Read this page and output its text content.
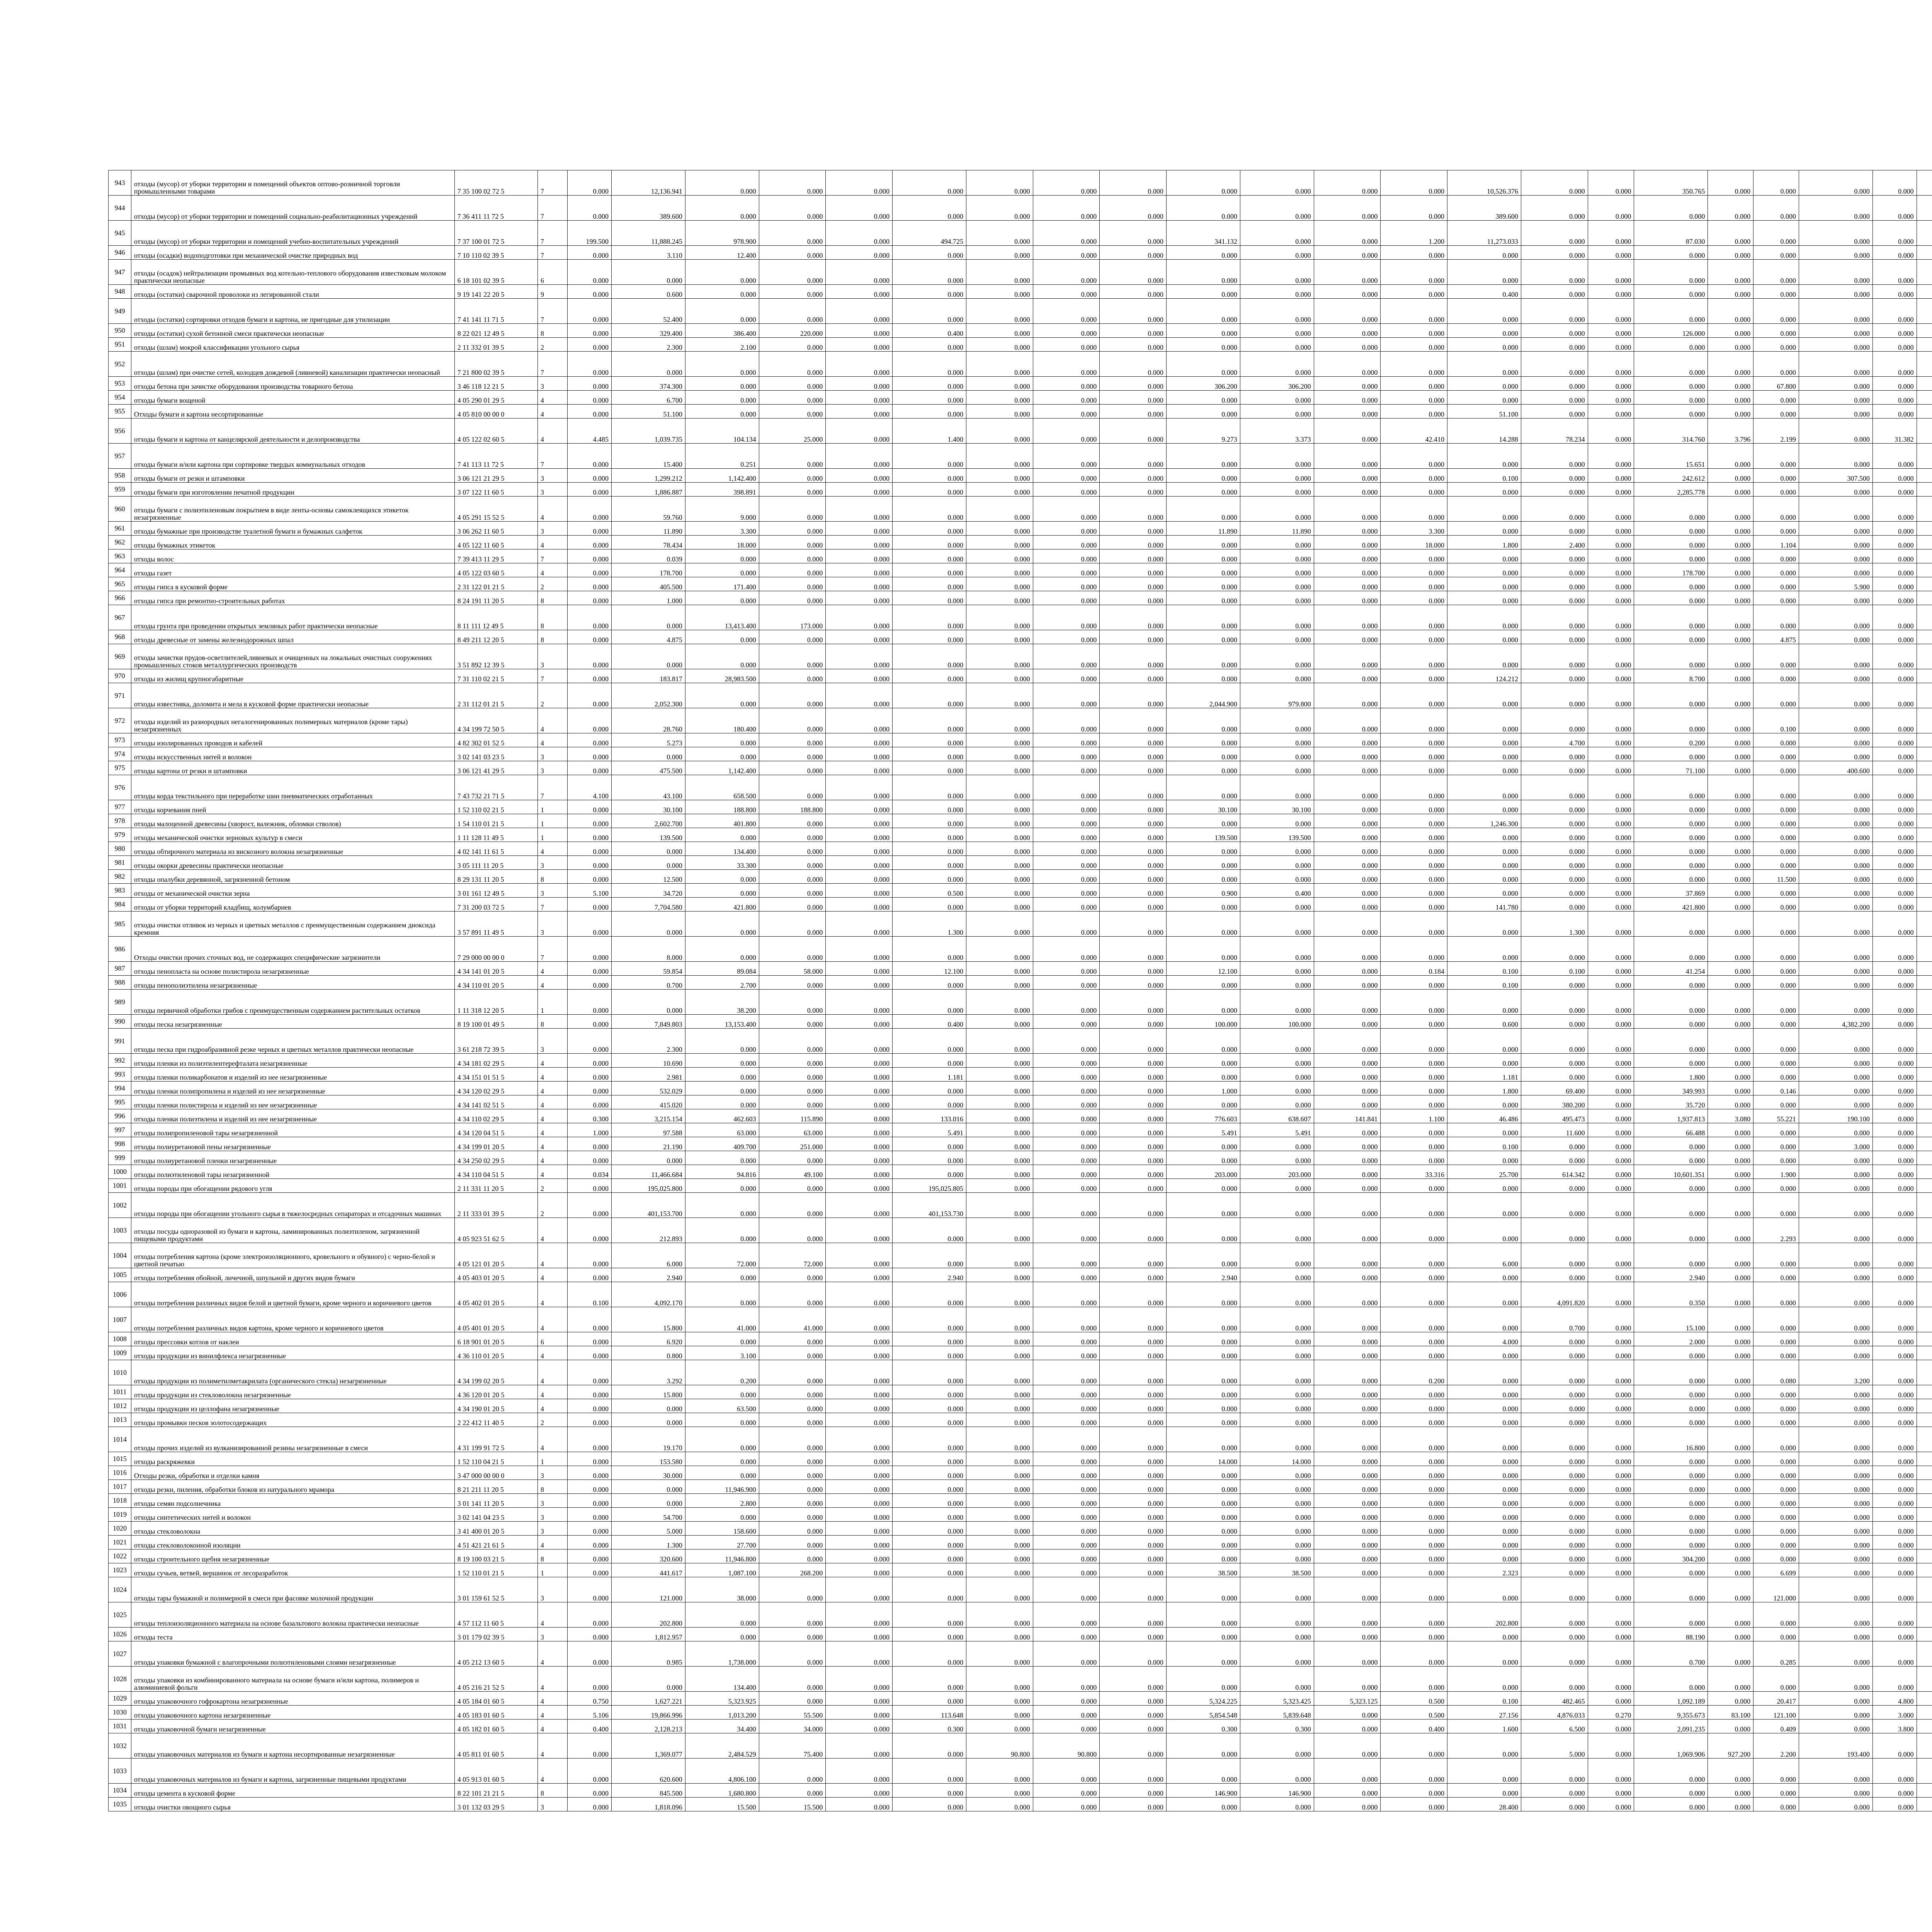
943	отходы (мусор) от уборки территории и помещений объектов оптово-розничной торговли промышленными товарами	7 35 100 02 72 5	7	0.000	12,136.941	0.000	0.000	0.000	0.000	0.000	0.000	0.000	0.000	0.000	0.000	0.000	10,526.376	0.000	0.000	350.765	0.000	0.000	0.000	0.000								
944	отходы (мусор) от уборки территории и помещений социально-реабилитационных учреждений	7 36 411 11 72 5	7	0.000	389.600	0.000	0.000	0.000	0.000	0.000	0.000	0.000	0.000	0.000	0.000	0.000	389.600	0.000	0.000	0.000	0.000	0.000	0.000	0.000								
945	отходы (мусор) от уборки территории и помещений учебно-воспитательных учреждений	7 37 100 01 72 5	7	199.500	11,888.245	978.900	0.000	0.000	494.725	0.000	0.000	0.000	341.132	0.000	0.000	1.200	11,273.033	0.000	0.000	87.030	0.000	0.000	0.000	0.000								
946	отходы (осадки) водоподготовки при механической очистке природных вод	7 10 110 02 39 5	7	0.000	3.110	12.400	0.000	0.000	0.000	0.000	0.000	0.000	0.000	0.000	0.000	0.000	0.000	0.000	0.000	0.000	0.000	0.000	0.000	0.000								
947	отходы (осадок) нейтрализации промывных вод котельно-теплового оборудования известковым молоком практически неопасные	6 18 101 02 39 5	6	0.000	0.000	0.000	0.000	0.000	0.000	0.000	0.000	0.000	0.000	0.000	0.000	0.000	0.000	0.000	0.000	0.000	0.000	0.000	0.000	0.000								
948	отходы (остатки) сварочной проволоки из легированной стали	9 19 141 22 20 5	9	0.000	0.600	0.000	0.000	0.000	0.000	0.000	0.000	0.000	0.000	0.000	0.000	0.000	0.400	0.000	0.000	0.000	0.000	0.000	0.000	0.000								
949	отходы (остатки) сортировки отходов бумаги и картона, не пригодные для утилизации	7 41 141 11 71 5	7	0.000	52.400	0.000	0.000	0.000	0.000	0.000	0.000	0.000	0.000	0.000	0.000	0.000	0.000	0.000	0.000	0.000	0.000	0.000	0.000	0.000								
950	отходы (остатки) сухой бетонной смеси практически неопасные	8 22 021 12 49 5	8	0.000	329.400	386.400	220.000	0.000	0.400	0.000	0.000	0.000	0.000	0.000	0.000	0.000	0.000	0.000	0.000	126.000	0.000	0.000	0.000	0.000								
951	отходы (шлам) мокрой классификации угольного сырья	2 11 332 01 39 5	2	0.000	2.300	2.100	0.000	0.000	0.000	0.000	0.000	0.000	0.000	0.000	0.000	0.000	0.000	0.000	0.000	0.000	0.000	0.000	0.000	0.000								
952	отходы (шлам) при очистке сетей, колодцев дождевой (ливневой) канализации практически неопасный	7 21 800 02 39 5	7	0.000	0.000	0.000	0.000	0.000	0.000	0.000	0.000	0.000	0.000	0.000	0.000	0.000	0.000	0.000	0.000	0.000	0.000	0.000	0.000	0.000								
953	отходы бетона при зачистке оборудования производства товарного бетона	3 46 118 12 21 5	3	0.000	374.300	0.000	0.000	0.000	0.000	0.000	0.000	0.000	306.200	306.200	0.000	0.000	0.000	0.000	0.000	0.000	0.000	67.800	0.000	0.000								
954	отходы бумаги вощеной	4 05 290 01 29 5	4	0.000	6.700	0.000	0.000	0.000	0.000	0.000	0.000	0.000	0.000	0.000	0.000	0.000	0.000	0.000	0.000	0.000	0.000	0.000	0.000	0.000								
955	Отходы бумаги и картона несортированные	4 05 810 00 00 0	4	0.000	51.100	0.000	0.000	0.000	0.000	0.000	0.000	0.000	0.000	0.000	0.000	0.000	51.100	0.000	0.000	0.000	0.000	0.000	0.000	0.000								
956	отходы бумаги и картона от канцелярской деятельности и делопроизводства	4 05 122 02 60 5	4	4.485	1,039.735	104.134	25.000	0.000	1.400	0.000	0.000	0.000	9.273	3.373	0.000	42.410	14.288	78.234	0.000	314.760	3.796	2.199	0.000	31.382								
957	отходы бумаги и/или картона при сортировке твердых коммунальных отходов	7 41 113 11 72 5	7	0.000	15.400	0.251	0.000	0.000	0.000	0.000	0.000	0.000	0.000	0.000	0.000	0.000	0.000	0.000	0.000	15.651	0.000	0.000	0.000	0.000								
958	отходы бумаги от резки и штамповки	3 06 121 21 29 5	3	0.000	1,299.212	1,142.400	0.000	0.000	0.000	0.000	0.000	0.000	0.000	0.000	0.000	0.000	0.100	0.000	0.000	242.612	0.000	0.000	307.500	0.000								
959	отходы бумаги при изготовлении печатной продукции	3 07 122 11 60 5	3	0.000	1,886.887	398.891	0.000	0.000	0.000	0.000	0.000	0.000	0.000	0.000	0.000	0.000	0.000	0.000	0.000	2,285.778	0.000	0.000	0.000	0.000								
960	отходы бумаги с полиэтиленовым покрытием в виде ленты-основы самоклеящихся этикеток незагрязненные	4 05 291 15 52 5	4	0.000	59.760	9.000	0.000	0.000	0.000	0.000	0.000	0.000	0.000	0.000	0.000	0.000	0.000	0.000	0.000	0.000	0.000	0.000	0.000	0.000								
961	отходы бумажные при производстве туалетной бумаги и бумажных салфеток	3 06 262 11 60 5	3	0.000	11.890	3.300	0.000	0.000	0.000	0.000	0.000	0.000	11.890	11.890	0.000	3.300	0.000	0.000	0.000	0.000	0.000	0.000	0.000	0.000								
962	отходы бумажных этикеток	4 05 122 11 60 5	4	0.000	78.434	18.000	0.000	0.000	0.000	0.000	0.000	0.000	0.000	0.000	0.000	18.000	1.800	2.400	0.000	0.000	0.000	1.104	0.000	0.000								
963	отходы волос	7 39 413 11 29 5	7	0.000	0.039	0.000	0.000	0.000	0.000	0.000	0.000	0.000	0.000	0.000	0.000	0.000	0.000	0.000	0.000	0.000	0.000	0.000	0.000	0.000								
964	отходы газет	4 05 122 03 60 5	4	0.000	178.700	0.000	0.000	0.000	0.000	0.000	0.000	0.000	0.000	0.000	0.000	0.000	0.000	0.000	0.000	178.700	0.000	0.000	0.000	0.000								
965	отходы гипса в кусковой форме	2 31 122 01 21 5	2	0.000	405.500	171.400	0.000	0.000	0.000	0.000	0.000	0.000	0.000	0.000	0.000	0.000	0.000	0.000	0.000	0.000	0.000	0.000	5.900	0.000								
966	отходы гипса при ремонтно-строительных работах	8 24 191 11 20 5	8	0.000	1.000	0.000	0.000	0.000	0.000	0.000	0.000	0.000	0.000	0.000	0.000	0.000	0.000	0.000	0.000	0.000	0.000	0.000	0.000	0.000								
967	отходы грунта при проведении открытых земляных работ практически неопасные	8 11 111 12 49 5	8	0.000	0.000	13,413.400	173.000	0.000	0.000	0.000	0.000	0.000	0.000	0.000	0.000	0.000	0.000	0.000	0.000	0.000	0.000	0.000	0.000	0.000								
968	отходы древесные от замены железнодорожных шпал	8 49 211 12 20 5	8	0.000	4.875	0.000	0.000	0.000	0.000	0.000	0.000	0.000	0.000	0.000	0.000	0.000	0.000	0.000	0.000	0.000	0.000	4.875	0.000	0.000								
969	отходы зачистки прудов-осветлителей,ливневых и очищенных на локальных очистных сооружениях промышленных стоков металлургических производств	3 51 892 12 39 5	3	0.000	0.000	0.000	0.000	0.000	0.000	0.000	0.000	0.000	0.000	0.000	0.000	0.000	0.000	0.000	0.000	0.000	0.000	0.000	0.000	0.000								
970	отходы из жилищ крупногабаритные	7 31 110 02 21 5	7	0.000	183.817	28,983.500	0.000	0.000	0.000	0.000	0.000	0.000	0.000	0.000	0.000	0.000	124.212	0.000	0.000	8.700	0.000	0.000	0.000	0.000								
971	отходы известняка, доломита и мела в кусковой форме практически неопасные	2 31 112 01 21 5	2	0.000	2,052.300	0.000	0.000	0.000	0.000	0.000	0.000	0.000	2,044.900	979.800	0.000	0.000	0.000	0.000	0.000	0.000	0.000	0.000	0.000	0.000								
972	отходы изделий из разнородных негалогенированных полимерных материалов (кроме тары) незагрязненных	4 34 199 72 50 5	4	0.000	28.760	180.400	0.000	0.000	0.000	0.000	0.000	0.000	0.000	0.000	0.000	0.000	0.000	0.000	0.000	0.000	0.000	0.100	0.000	0.000								
973	отходы изолированных проводов и кабелей	4 82 302 01 52 5	4	0.000	5.273	0.000	0.000	0.000	0.000	0.000	0.000	0.000	0.000	0.000	0.000	0.000	0.000	4.700	0.000	0.200	0.000	0.000	0.000	0.000								
974	отходы искусственных нитей и волокон	3 02 141 03 23 5	3	0.000	0.000	0.000	0.000	0.000	0.000	0.000	0.000	0.000	0.000	0.000	0.000	0.000	0.000	0.000	0.000	0.000	0.000	0.000	0.000	0.000								
975	отходы картона от резки и штамповки	3 06 121 41 29 5	3	0.000	475.500	1,142.400	0.000	0.000	0.000	0.000	0.000	0.000	0.000	0.000	0.000	0.000	0.000	0.000	0.000	71.100	0.000	0.000	400.600	0.000								
976	отходы корда текстильного при переработке шин пневматических отработанных	7 43 732 21 71 5	7	4.100	43.100	658.500	0.000	0.000	0.000	0.000	0.000	0.000	0.000	0.000	0.000	0.000	0.000	0.000	0.000	0.000	0.000	0.000	0.000	0.000								
977	отходы корчевания пней	1 52 110 02 21 5	1	0.000	30.100	188.800	188.800	0.000	0.000	0.000	0.000	0.000	30.100	30.100	0.000	0.000	0.000	0.000	0.000	0.000	0.000	0.000	0.000	0.000								
978	отходы малоценной древесины (хворост, валежник, обломки стволов)	1 54 110 01 21 5	1	0.000	2,602.700	401.800	0.000	0.000	0.000	0.000	0.000	0.000	0.000	0.000	0.000	0.000	1,246.300	0.000	0.000	0.000	0.000	0.000	0.000	0.000								
979	отходы механической очистки зерновых культур в смеси	1 11 128 11 49 5	1	0.000	139.500	0.000	0.000	0.000	0.000	0.000	0.000	0.000	139.500	139.500	0.000	0.000	0.000	0.000	0.000	0.000	0.000	0.000	0.000	0.000								
980	отходы обтирочного материала из вискозного волокна незагрязненные	4 02 141 11 61 5	4	0.000	0.000	134.400	0.000	0.000	0.000	0.000	0.000	0.000	0.000	0.000	0.000	0.000	0.000	0.000	0.000	0.000	0.000	0.000	0.000	0.000								
981	отходы окорки древесины практически неопасные	3 05 111 11 20 5	3	0.000	0.000	33.300	0.000	0.000	0.000	0.000	0.000	0.000	0.000	0.000	0.000	0.000	0.000	0.000	0.000	0.000	0.000	0.000	0.000	0.000								
982	отходы опалубки деревянной, загрязненной бетоном	8 29 131 11 20 5	8	0.000	12.500	0.000	0.000	0.000	0.000	0.000	0.000	0.000	0.000	0.000	0.000	0.000	0.000	0.000	0.000	0.000	0.000	11.500	0.000	0.000								
983	отходы от механической очистки зерна	3 01 161 12 49 5	3	5.100	34.720	0.000	0.000	0.000	0.500	0.000	0.000	0.000	0.900	0.400	0.000	0.000	0.000	0.000	0.000	37.869	0.000	0.000	0.000	0.000								
984	отходы от уборки территорий кладбищ, колумбариев	7 31 200 03 72 5	7	0.000	7,704.580	421.800	0.000	0.000	0.000	0.000	0.000	0.000	0.000	0.000	0.000	0.000	141.780	0.000	0.000	421.800	0.000	0.000	0.000	0.000								
985	отходы очистки отливок из черных и цветных металлов с преимущественным содержанием диоксида кремния	3 57 891 11 49 5	3	0.000	0.000	0.000	0.000	0.000	1.300	0.000	0.000	0.000	0.000	0.000	0.000	0.000	0.000	1.300	0.000	0.000	0.000	0.000	0.000	0.000								
986	Отходы очистки прочих сточных вод, не содержащих специфические загрязнители	7 29 000 00 00 0	7	0.000	8.000	0.000	0.000	0.000	0.000	0.000	0.000	0.000	0.000	0.000	0.000	0.000	0.000	0.000	0.000	0.000	0.000	0.000	0.000	0.000								
987	отходы пенопласта на основе полистирола незагрязненные	4 34 141 01 20 5	4	0.000	59.854	89.084	58.000	0.000	12.100	0.000	0.000	0.000	12.100	0.000	0.000	0.184	0.100	0.100	0.000	41.254	0.000	0.000	0.000	0.000								
988	отходы пенополиэтилена незагрязненные	4 34 110 01 20 5	4	0.000	0.700	2.700	0.000	0.000	0.000	0.000	0.000	0.000	0.000	0.000	0.000	0.000	0.100	0.000	0.000	0.000	0.000	0.000	0.000	0.000								
989	отходы первичной обработки грибов с преимущественным содержанием растительных остатков	1 11 318 12 20 5	1	0.000	0.000	38.200	0.000	0.000	0.000	0.000	0.000	0.000	0.000	0.000	0.000	0.000	0.000	0.000	0.000	0.000	0.000	0.000	0.000	0.000								
990	отходы песка незагрязненные	8 19 100 01 49 5	8	0.000	7,849.803	13,153.400	0.000	0.000	0.400	0.000	0.000	0.000	100.000	100.000	0.000	0.000	0.600	0.000	0.000	0.000	0.000	0.000	4,382.200	0.000								
991	отходы песка при гидроабразивной резке черных и цветных металлов практически неопасные	3 61 218 72 39 5	3	0.000	2.300	0.000	0.000	0.000	0.000	0.000	0.000	0.000	0.000	0.000	0.000	0.000	0.000	0.000	0.000	0.000	0.000	0.000	0.000	0.000								
992	отходы пленки из полиэтилентерефталата незагрязненные	4 34 181 02 29 5	4	0.000	10.690	0.000	0.000	0.000	0.000	0.000	0.000	0.000	0.000	0.000	0.000	0.000	0.000	0.000	0.000	0.000	0.000	0.000	0.000	0.000								
993	отходы пленки поликарбонатов и изделий из нее незагрязненные	4 34 151 01 51 5	4	0.000	2.981	0.000	0.000	0.000	1.181	0.000	0.000	0.000	0.000	0.000	0.000	0.000	1.181	0.000	0.000	1.800	0.000	0.000	0.000	0.000								
994	отходы пленки полипропилена и изделий из нее незагрязненные	4 34 120 02 29 5	4	0.000	532.029	0.000	0.000	0.000	0.000	0.000	0.000	0.000	1.000	0.000	0.000	0.000	1.800	69.400	0.000	349.993	0.000	0.146	0.000	0.000								
995	отходы пленки полистирола и изделий из нее незагрязненные	4 34 141 02 51 5	4	0.000	415.020	0.000	0.000	0.000	0.000	0.000	0.000	0.000	0.000	0.000	0.000	0.000	0.000	380.200	0.000	35.720	0.000	0.000	0.000	0.000								
996	отходы пленки полиэтилена и изделий из нее незагрязненные	4 34 110 02 29 5	4	0.300	3,215.154	462.603	115.890	0.000	133.016	0.000	0.000	0.000	776.603	638.607	141.841	1.100	46.486	495.473	0.000	1,937.813	3.080	55.221	190.100	0.000								
997	отходы полипропиленовой тары незагрязненной	4 34 120 04 51 5	4	1.000	97.588	63.000	63.000	0.000	5.491	0.000	0.000	0.000	5.491	5.491	0.000	0.000	0.000	11.600	0.000	66.488	0.000	0.000	0.000	0.000								
998	отходы полиуретановой пены незагрязненные	4 34 199 01 20 5	4	0.000	21.190	409.700	251.000	0.000	0.000	0.000	0.000	0.000	0.000	0.000	0.000	0.000	0.100	0.000	0.000	0.000	0.000	0.000	3.000	0.000								
999	отходы полиуретановой пленки незагрязненные	4 34 250 02 29 5	4	0.000	0.000	0.000	0.000	0.000	0.000	0.000	0.000	0.000	0.000	0.000	0.000	0.000	0.000	0.000	0.000	0.000	0.000	0.000	0.000	0.000								
1000	отходы полиэтиленовой тары незагрязненной	4 34 110 04 51 5	4	0.034	11,466.684	94.816	49.100	0.000	0.000	0.000	0.000	0.000	203.000	203.000	0.000	33.316	25.700	614.342	0.000	10,601.351	0.000	1.900	0.000	0.000								
1001	отходы породы при обогащении рядового угля	2 11 331 11 20 5	2	0.000	195,025.800	0.000	0.000	0.000	195,025.805	0.000	0.000	0.000	0.000	0.000	0.000	0.000	0.000	0.000	0.000	0.000	0.000	0.000	0.000	0.000								
1002	отходы породы при обогащении угольного сырья в тяжелосредных сепараторах и отсадочных машинах	2 11 333 01 39 5	2	0.000	401,153.700	0.000	0.000	0.000	401,153.730	0.000	0.000	0.000	0.000	0.000	0.000	0.000	0.000	0.000	0.000	0.000	0.000	0.000	0.000	0.000								
1003	отходы посуды одноразовой из бумаги и картона, ламинированных полиэтиленом, загрязненной пищевыми продуктами	4 05 923 51 62 5	4	0.000	212.893	0.000	0.000	0.000	0.000	0.000	0.000	0.000	0.000	0.000	0.000	0.000	0.000	0.000	0.000	0.000	0.000	2.293	0.000	0.000								
1004	отходы потребления картона (кроме электроизоляционного, кровельного и обувного) с черно-белой и цветной печатью	4 05 121 01 20 5	4	0.000	6.000	72.000	72.000	0.000	0.000	0.000	0.000	0.000	0.000	0.000	0.000	0.000	6.000	0.000	0.000	0.000	0.000	0.000	0.000	0.000								
1005	отходы потребления обойной, личечной, шпульной и других видов бумаги	4 05 403 01 20 5	4	0.000	2.940	0.000	0.000	0.000	2.940	0.000	0.000	0.000	2.940	0.000	0.000	0.000	0.000	0.000	0.000	2.940	0.000	0.000	0.000	0.000								
1006	отходы потребления различных видов белой и цветной бумаги, кроме черного и коричневого цветов	4 05 402 01 20 5	4	0.100	4,092.170	0.000	0.000	0.000	0.000	0.000	0.000	0.000	0.000	0.000	0.000	0.000	0.000	4,091.820	0.000	0.350	0.000	0.000	0.000	0.000								
1007	отходы потребления различных видов картона, кроме черного и коричневого цветов	4 05 401 01 20 5	4	0.000	15.800	41.000	41.000	0.000	0.000	0.000	0.000	0.000	0.000	0.000	0.000	0.000	0.000	0.700	0.000	15.100	0.000	0.000	0.000	0.000								
1008	отходы прессовки котлов от наклеи	6 18 901 01 20 5	6	0.000	6.920	0.000	0.000	0.000	0.000	0.000	0.000	0.000	0.000	0.000	0.000	0.000	4.000	0.000	0.000	2.000	0.000	0.000	0.000	0.000								
1009	отходы продукции из винилфлекса незагрязненные	4 36 110 01 20 5	4	0.000	0.800	3.100	0.000	0.000	0.000	0.000	0.000	0.000	0.000	0.000	0.000	0.000	0.000	0.000	0.000	0.000	0.000	0.000	0.000	0.000								
1010	отходы продукции из полиметилметакрилата (органического стекла) незагрязненные	4 34 199 02 20 5	4	0.000	3.292	0.200	0.000	0.000	0.000	0.000	0.000	0.000	0.000	0.000	0.000	0.200	0.000	0.000	0.000	0.000	0.000	0.080	3.200	0.000								
1011	отходы продукции из стекловолокна незагрязненные	4 36 120 01 20 5	4	0.000	15.800	0.000	0.000	0.000	0.000	0.000	0.000	0.000	0.000	0.000	0.000	0.000	0.000	0.000	0.000	0.000	0.000	0.000	0.000	0.000								
1012	отходы продукции из целлофана незагрязненные	4 34 190 01 20 5	4	0.000	0.000	63.500	0.000	0.000	0.000	0.000	0.000	0.000	0.000	0.000	0.000	0.000	0.000	0.000	0.000	0.000	0.000	0.000	0.000	0.000								
1013	отходы промывки песков золотосодержащих	2 22 412 11 40 5	2	0.000	0.000	0.000	0.000	0.000	0.000	0.000	0.000	0.000	0.000	0.000	0.000	0.000	0.000	0.000	0.000	0.000	0.000	0.000	0.000	0.000								
1014	отходы прочих изделий из вулканизированной резины незагрязненные в смеси	4 31 199 91 72 5	4	0.000	19.170	0.000	0.000	0.000	0.000	0.000	0.000	0.000	0.000	0.000	0.000	0.000	0.000	0.000	0.000	16.800	0.000	0.000	0.000	0.000								
1015	отходы раскряжевки	1 52 110 04 21 5	1	0.000	153.580	0.000	0.000	0.000	0.000	0.000	0.000	0.000	14.000	14.000	0.000	0.000	0.000	0.000	0.000	0.000	0.000	0.000	0.000	0.000								
1016	Отходы резки, обработки и отделки камня	3 47 000 00 00 0	3	0.000	30.000	0.000	0.000	0.000	0.000	0.000	0.000	0.000	0.000	0.000	0.000	0.000	0.000	0.000	0.000	0.000	0.000	0.000	0.000	0.000								
1017	отходы резки, пиления, обработки блоков из натурального мрамора	8 21 211 11 20 5	8	0.000	0.000	11,946.900	0.000	0.000	0.000	0.000	0.000	0.000	0.000	0.000	0.000	0.000	0.000	0.000	0.000	0.000	0.000	0.000	0.000	0.000								
1018	отходы семян подсолнечника	3 01 141 11 20 5	3	0.000	0.000	2.800	0.000	0.000	0.000	0.000	0.000	0.000	0.000	0.000	0.000	0.000	0.000	0.000	0.000	0.000	0.000	0.000	0.000	0.000								
1019	отходы синтетических нитей и волокон	3 02 141 04 23 5	3	0.000	54.700	0.000	0.000	0.000	0.000	0.000	0.000	0.000	0.000	0.000	0.000	0.000	0.000	0.000	0.000	0.000	0.000	0.000	0.000	0.000								
1020	отходы стекловолокна	3 41 400 01 20 5	3	0.000	5.000	158.600	0.000	0.000	0.000	0.000	0.000	0.000	0.000	0.000	0.000	0.000	0.000	0.000	0.000	0.000	0.000	0.000	0.000	0.000								
1021	отходы стекловолоконной изоляции	4 51 421 21 61 5	4	0.000	1.300	27.700	0.000	0.000	0.000	0.000	0.000	0.000	0.000	0.000	0.000	0.000	0.000	0.000	0.000	0.000	0.000	0.000	0.000	0.000								
1022	отходы строительного щебня незагрязненные	8 19 100 03 21 5	8	0.000	320.600	11,946.800	0.000	0.000	0.000	0.000	0.000	0.000	0.000	0.000	0.000	0.000	0.000	0.000	0.000	304.200	0.000	0.000	0.000	0.000								
1023	отходы сучьев, ветвей, вершинок от лесоразработок	1 52 110 01 21 5	1	0.000	441.617	1,087.100	268.200	0.000	0.000	0.000	0.000	0.000	38.500	38.500	0.000	0.000	2.323	0.000	0.000	0.000	0.000	6.699	0.000	0.000								
1024	отходы тары бумажной и полимерной в смеси при фасовке молочной продукции	3 01 159 61 52 5	3	0.000	121.000	38.000	0.000	0.000	0.000	0.000	0.000	0.000	0.000	0.000	0.000	0.000	0.000	0.000	0.000	0.000	0.000	121.000	0.000	0.000								
1025	отходы теплоизоляционного материала на основе базальтового волокна практически неопасные	4 57 112 11 60 5	4	0.000	202.800	0.000	0.000	0.000	0.000	0.000	0.000	0.000	0.000	0.000	0.000	0.000	202.800	0.000	0.000	0.000	0.000	0.000	0.000	0.000								
1026	отходы теста	3 01 179 02 39 5	3	0.000	1,812.957	0.000	0.000	0.000	0.000	0.000	0.000	0.000	0.000	0.000	0.000	0.000	0.000	0.000	0.000	88.190	0.000	0.000	0.000	0.000								
1027	отходы упаковки бумажной с влагопрочными полиэтиленовыми слоями незагрязненные	4 05 212 13 60 5	4	0.000	0.985	1,738.000	0.000	0.000	0.000	0.000	0.000	0.000	0.000	0.000	0.000	0.000	0.000	0.000	0.000	0.700	0.000	0.285	0.000	0.000								
1028	отходы упаковки из комбинированного материала на основе бумаги и/или картона, полимеров и алюминиевой фольги	4 05 216 21 52 5	4	0.000	0.000	134.400	0.000	0.000	0.000	0.000	0.000	0.000	0.000	0.000	0.000	0.000	0.000	0.000	0.000	0.000	0.000	0.000	0.000	0.000								
1029	отходы упаковочного гофрокартона незагрязненные	4 05 184 01 60 5	4	0.750	1,627.221	5,323.925	0.000	0.000	0.000	0.000	0.000	0.000	5,324.225	5,323.425	5,323.125	0.500	0.100	482.465	0.000	1,092.189	0.000	20.417	0.000	4.800								
1030	отходы упаковочного картона незагрязненные	4 05 183 01 60 5	4	5.106	19,866.996	1,013.200	55.500	0.000	113.648	0.000	0.000	0.000	5,854.548	5,839.648	0.000	0.500	27.156	4,876.033	0.270	9,355.673	83.100	121.100	0.000	3.000								
1031	отходы упаковочной бумаги незагрязненные	4 05 182 01 60 5	4	0.400	2,128.213	34.400	34.000	0.000	0.300	0.000	0.000	0.000	0.300	0.300	0.000	0.400	1.600	6.500	0.000	2,091.235	0.000	0.409	0.000	3.800								
1032	отходы упаковочных материалов из бумаги и картона несортированные незагрязненные	4 05 811 01 60 5	4	0.000	1,369.077	2,484.529	75.400	0.000	0.000	90.800	90.800	0.000	0.000	0.000	0.000	0.000	0.000	5.000	0.000	1,069.906	927.200	2.200	193.400	0.000								
1033	отходы упаковочных материалов из бумаги и картона, загрязненные пищевыми продуктами	4 05 913 01 60 5	4	0.000	620.600	4,806.100	0.000	0.000	0.000	0.000	0.000	0.000	0.000	0.000	0.000	0.000	0.000	0.000	0.000	0.000	0.000	0.000	0.000	0.000								
1034	отходы цемента в кусковой форме	8 22 101 21 21 5	8	0.000	845.500	1,680.800	0.000	0.000	0.000	0.000	0.000	0.000	146.900	146.900	0.000	0.000	0.000	0.000	0.000	0.000	0.000	0.000	0.000	0.000								
1035	отходы очистки овощного сырья	3 01 132 03 29 5	3	0.000	1,818.096	15.500	15.500	0.000	0.000	0.000	0.000	0.000	0.000	0.000	0.000	0.000	28.400	0.000	0.000	0.000	0.000	0.000	0.000	0.000								
